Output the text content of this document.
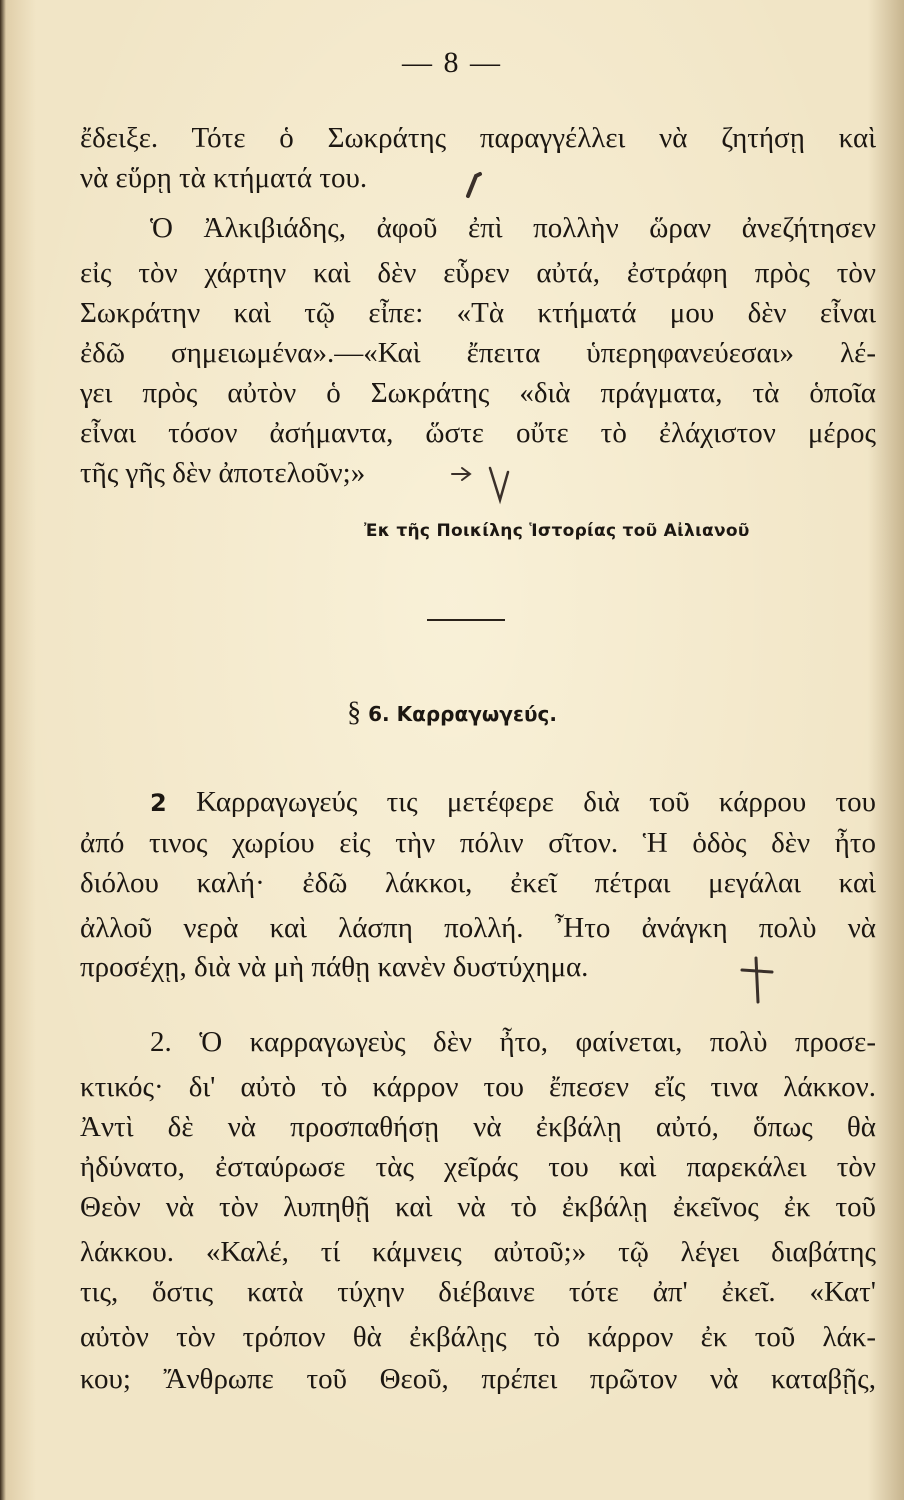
— 8 —
ἔδειξε. Τότε ὁ Σωκράτης παραγγέλλει νὰ ζητήσῃ καὶ
νὰ εὕρῃ τὰ κτήματά του.
Ὁ Ἀλκιβιάδης, ἀφοῦ ἐπὶ πολλὴν ὥραν ἀνεζήτησεν
εἰς τὸν χάρτην καὶ δὲν εὗρεν αὐτά, ἐστράφη πρὸς τὸν
Σωκράτην καὶ τῷ εἶπε: «Τὰ κτήματά μου δὲν εἶναι
ἐδῶ σημειωμένα».—«Καὶ ἔπειτα ὑπερηφανεύεσαι» λέ-
γει πρὸς αὐτὸν ὁ Σωκράτης «διὰ πράγματα, τὰ ὁποῖα
εἶναι τόσον ἀσήμαντα, ὥστε οὔτε τὸ ἐλάχιστον μέρος
τῆς γῆς δὲν ἀποτελοῦν;»
Ἐκ τῆς Ποικίλης Ἱστορίας τοῦ Αἰλιανοῦ
§ 6. Καρραγωγεύς.
2 Καρραγωγεύς τις μετέφερε διὰ τοῦ κάρρου του
ἀπό τινος χωρίου εἰς τὴν πόλιν σῖτον. Ἡ ὁδὸς δὲν ἦτο
διόλου καλή· ἐδῶ λάκκοι, ἐκεῖ πέτραι μεγάλαι καὶ
ἀλλοῦ νερὰ καὶ λάσπη πολλή. Ἦτο ἀνάγκη πολὺ νὰ
προσέχῃ, διὰ νὰ μὴ πάθῃ κανὲν δυστύχημα.
2. Ὁ καρραγωγεὺς δὲν ἦτο, φαίνεται, πολὺ προσε-
κτικός· δι' αὐτὸ τὸ κάρρον του ἔπεσεν εἴς τινα λάκκον.
Ἀντὶ δὲ νὰ προσπαθήσῃ νὰ ἐκβάλῃ αὐτό, ὅπως θὰ
ἠδύνατο, ἐσταύρωσε τὰς χεῖράς του καὶ παρεκάλει τὸν
Θεὸν νὰ τὸν λυπηθῇ καὶ νὰ τὸ ἐκβάλῃ ἐκεῖνος ἐκ τοῦ
λάκκου. «Καλέ, τί κάμνεις αὐτοῦ;» τῷ λέγει διαβάτης
τις, ὅστις κατὰ τύχην διέβαινε τότε ἀπ' ἐκεῖ. «Κατ'
αὐτὸν τὸν τρόπον θὰ ἐκβάλῃς τὸ κάρρον ἐκ τοῦ λάκ-
κου; Ἄνθρωπε τοῦ Θεοῦ, πρέπει πρῶτον νὰ καταβῇς,
